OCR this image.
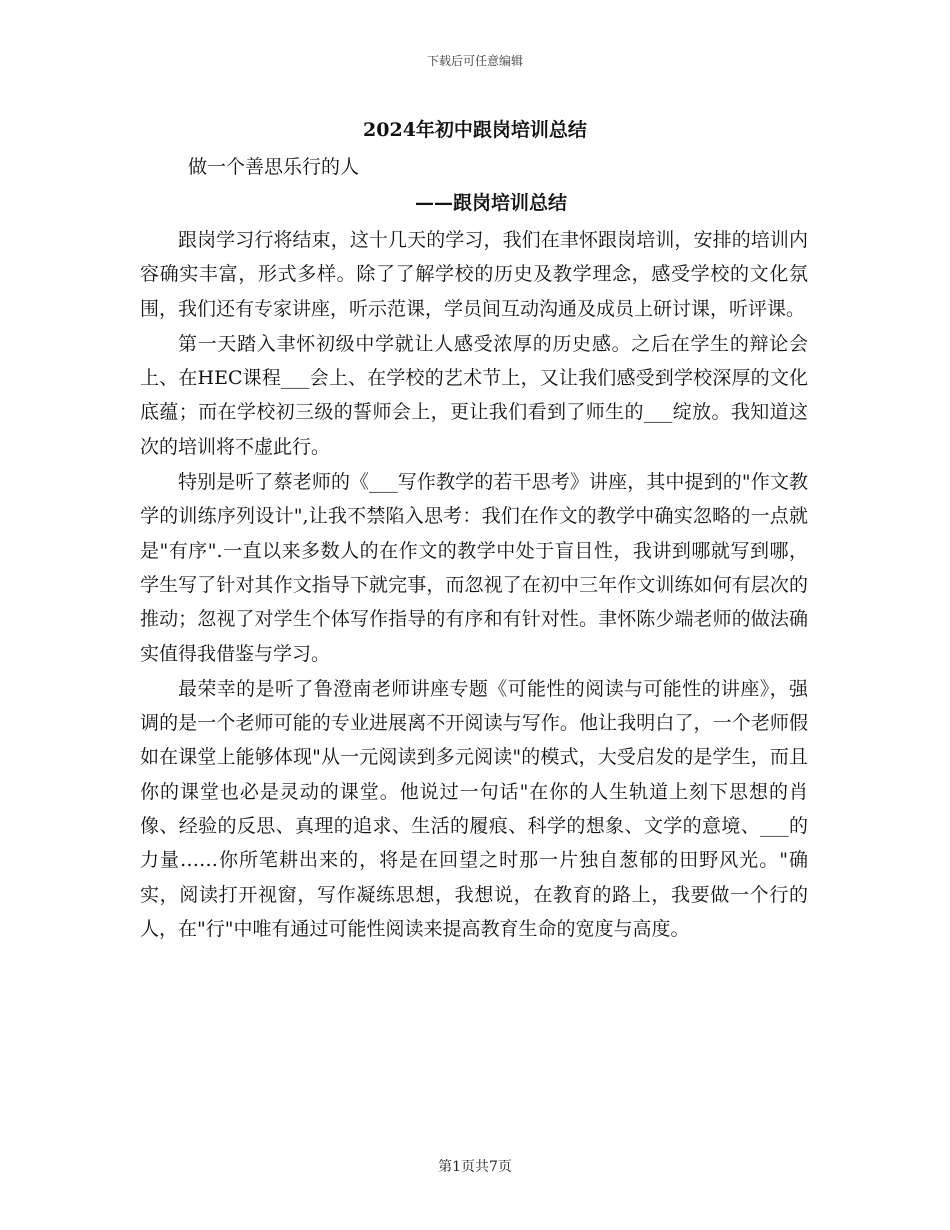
下载后可任意编辑
2024年初中跟岗培训总结
做一个善思乐行的人
——跟岗培训总结

跟岗学习行将结束，这十几天的学习，我们在聿怀跟岗培训，安排的培训内容确实丰富，形式多样。除了了解学校的历史及教学理念，感受学校的文化氛围，我们还有专家讲座，听示范课，学员间互动沟通及成员上研讨课，听评课。

第一天踏入聿怀初级中学就让人感受浓厚的历史感。之后在学生的辩论会上、在HEC课程___会上、在学校的艺术节上，又让我们感受到学校深厚的文化底蕴；而在学校初三级的誓师会上，更让我们看到了师生的___绽放。我知道这次的培训将不虚此行。

特别是听了蔡老师的《___写作教学的若干思考》讲座，其中提到的"作文教学的训练序列设计",让我不禁陷入思考：我们在作文的教学中确实忽略的一点就是"有序".一直以来多数人的在作文的教学中处于盲目性，我讲到哪就写到哪，学生写了针对其作文指导下就完事，而忽视了在初中三年作文训练如何有层次的推动；忽视了对学生个体写作指导的有序和有针对性。聿怀陈少端老师的做法确实值得我借鉴与学习。

最荣幸的是听了鲁澄南老师讲座专题《可能性的阅读与可能性的讲座》，强调的是一个老师可能的专业进展离不开阅读与写作。他让我明白了，一个老师假如在课堂上能够体现"从一元阅读到多元阅读"的模式，大受启发的是学生，而且你的课堂也必是灵动的课堂。他说过一句话"在你的人生轨道上刻下思想的肖像、经验的反思、真理的追求、生活的履痕、科学的想象、文学的意境、___的力量……你所笔耕出来的，将是在回望之时那一片独自葱郁的田野风光。"确实，阅读打开视窗，写作凝练思想，我想说，在教育的路上，我要做一个行的人，在"行"中唯有通过可能性阅读来提高教育生命的宽度与高度。

第1页共7页
